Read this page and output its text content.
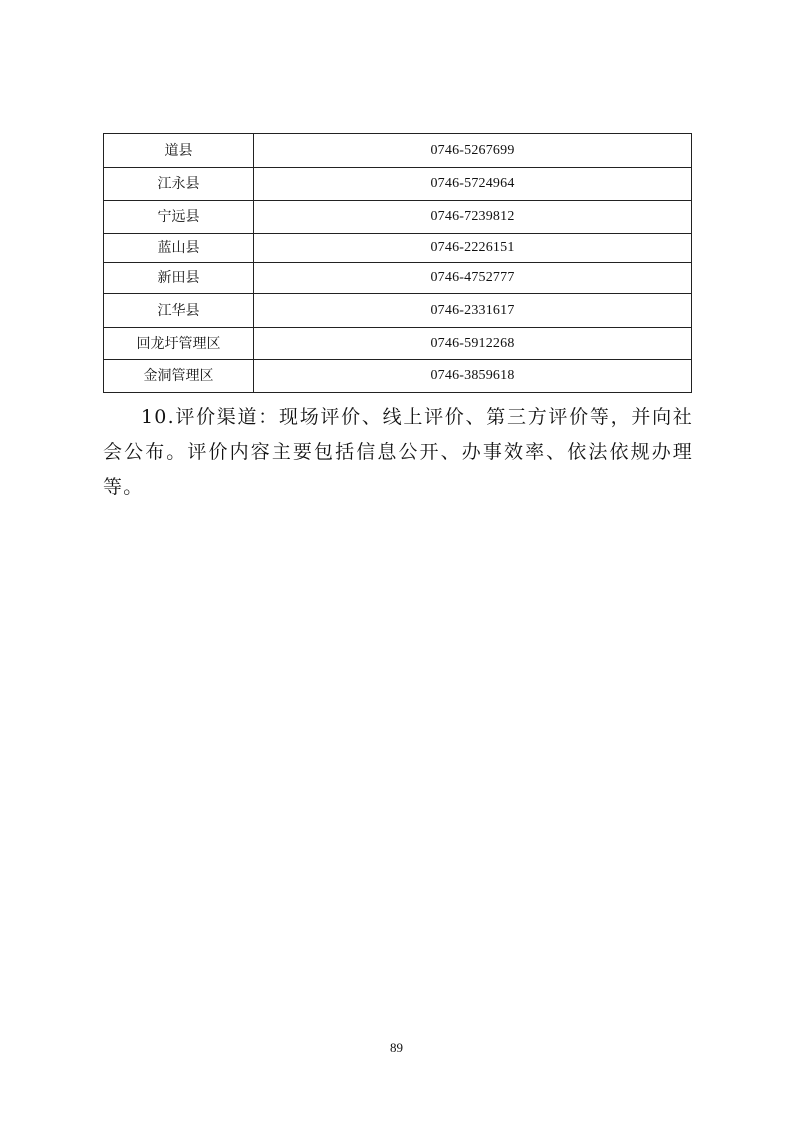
道县	0746-5267699
江永县	0746-5724964
宁远县	0746-7239812
蓝山县	0746-2226151
新田县	0746-4752777
江华县	0746-2331617
回龙圩管理区	0746-5912268
金洞管理区	0746-3859618

10.评价渠道：现场评价、线上评价、第三方评价等，并向社会公布。评价内容主要包括信息公开、办事效率、依法依规办理等。

89
